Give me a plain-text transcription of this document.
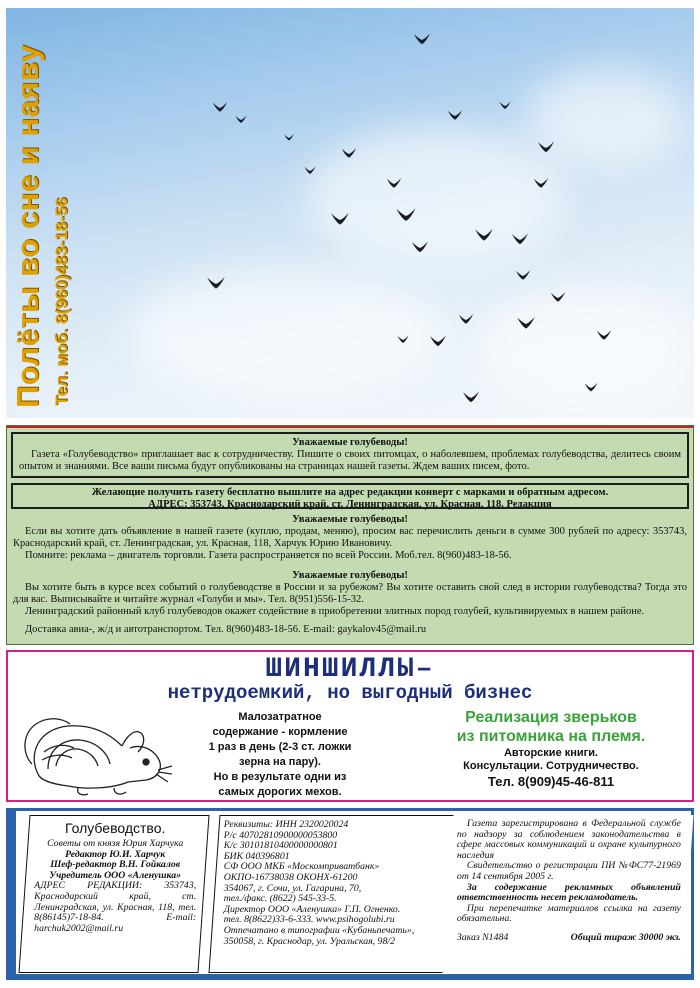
Полёты во сне и наяву Тел. моб. 8(960)483-18-56
Уважаемые голубеводы!

Газета «Голубеводство» приглашает вас к сотрудничеству. Пишите о своих питомцах, о наболевшем, проблемах голубеводства, делитесь своим опытом и знаниями. Все ваши письма будут опубликованы на страницах нашей газеты. Ждем ваших писем, фото.

Желающие получить газету бесплатно вышлите на адрес редакции конверт с марками и обратным адресом.

АДРЕС: 353743, Краснодарский край, ст. Ленинградская, ул. Красная, 118. Редакция

Уважаемые голубеводы!

Если вы хотите дать объявление в нашей газете (куплю, продам, меняю), просим вас перечислить деньги в сумме 300 рублей по адресу: 353743, Краснодарский край, ст. Ленинградская, ул. Красная, 118, Харчук Юрию Ивановичу.

Помните: реклама – двигатель торговли. Газета распространяется по всей России. Моб.тел. 8(960)483-18-56.

Уважаемые голубеводы!

Вы хотите быть в курсе всех событий о голубеводстве в России и за рубежом? Вы хотите оставить свой след в истории голубеводства? Тогда это для вас. Выписывайте и читайте журнал «Голуби и мы». Тел. 8(951)556-15-32.

Ленинградский районный клуб голубеводов окажет содействие в приобретении элитных пород голубей, культивируемых в нашем районе.

Доставка авиа-, ж/д и автотранспортом. Тел. 8(960)483-18-56. E-mail: gaykalov45@mail.ru

ШИНШИЛЛЫ–
нетрудоемкий, но выгодный бизнес
Малозатратное
содержание - кормление
1 раз в день (2-3 ст. ложки
зерна на пару).
Но в результате одни из
самых дорогих мехов.
Реализация зверьков
из питомника на племя.
Авторские книги.
Консультации. Сотрудничество.
Тел. 8(909)45-46-811
Голубеводство.
Советы от князя Юрия Харчука
Редактор Ю.И. Харчук
Шеф-редактор В.Н. Гойкалов
Учредитель ООО «Аленушка»
АДРЕС РЕДАКЦИИ: 353743, Краснодарский край, ст. Ленинградская, ул. Красная, 118, тел. 8(86145)7-18-84. E-mail: harchuk2002@mail.ru
Реквизиты: ИНН 2320020024
Р/с 40702810900000053800
К/с 30101810400000000801
БИК 040396801
СФ ООО МКБ «Москомприватбанк»
ОКПО-16738038 ОКОНХ-61200
354067, г. Сочи, ул. Гагарина, 70,
тел./факс. (8622) 545-33-5.
Директор ООО «Аленушка» Г.П. Огненко.
тел. 8(8622)33-6-333. www.psihogolubi.ru
Отпечатано в типографии «Кубаньпечать»,
350058, г. Краснодар, ул. Уральская, 98/2

Газета зарегистрирована в Федеральной службе по надзору за соблюдением законодательства в сфере массовых коммуникаций и охране культурного наследия

Свидетельство о регистрации ПИ №ФС77-21969 от 14 сентября 2005 г.

За содержание рекламных объявлений ответственность несет рекламодатель.

При перепечатке материалов ссылка на газету обязательна.

Заказ N1484	Общий тираж 30000 экз.
